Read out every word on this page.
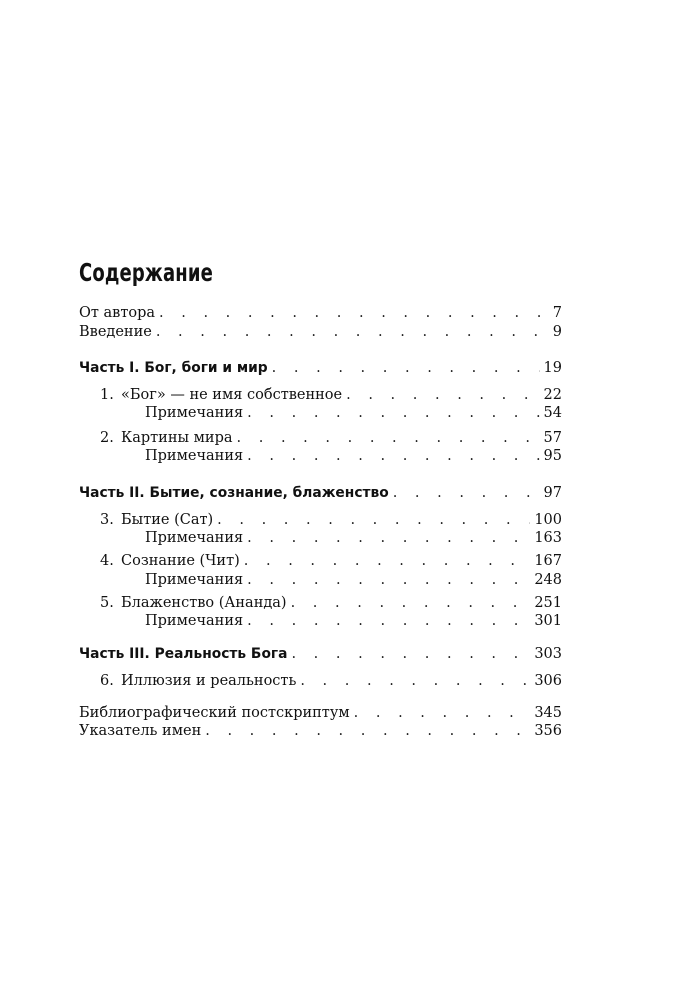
Содержание
От автора . . .	7
Введение . . .	9
Часть I. Бог, боги и мир . . .	19
1. «Бог» — не имя собственное . . .	22
Примечания . . .	54
2. Картины мира . . .	57
Примечания . . .	95
Часть II. Бытие, сознание, блаженство . . .	97
3. Бытие (Сат) . . .	100
Примечания . . .	163
4. Сознание (Чит) . . .	167
Примечания . . .	248
5. Блаженство (Ананда) . . .	251
Примечания . . .	301
Часть III. Реальность Бога . . .	303
6. Иллюзия и реальность . . .	306
Библиографический постскриптум . . .	345
Указатель имен . . .	356
